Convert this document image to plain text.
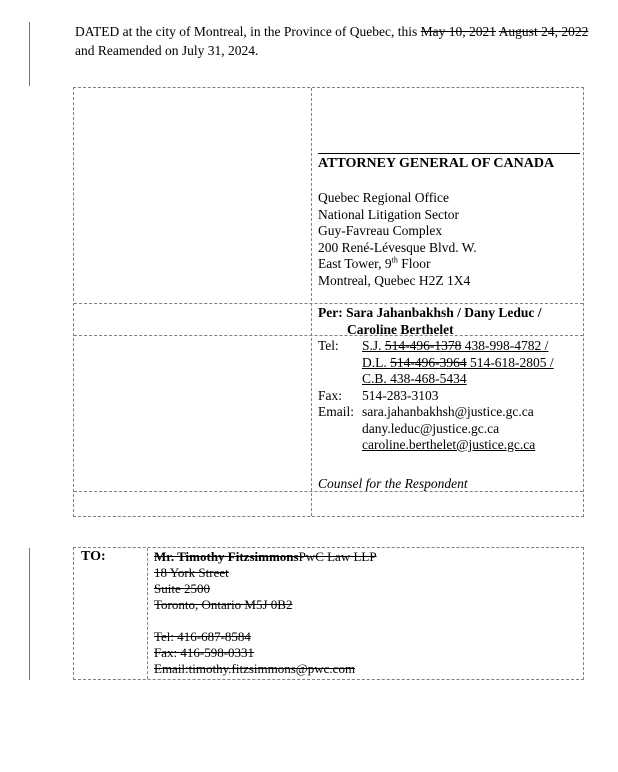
DATED at the city of Montreal, in the Province of Quebec, this May 10, 2021 August 24, 2022 and Reamended on July 31, 2024.
ATTORNEY GENERAL OF CANADA
Quebec Regional Office
National Litigation Sector
Guy-Favreau Complex
200 René-Lévesque Blvd. W.
East Tower, 9th Floor
Montreal, Quebec H2Z 1X4
Per: Sara Jahanbakhsh / Dany Leduc /
Caroline Berthelet
Tel:	S.J. 514-496-1378 438-998-4782 /
D.L. 514-496-3964 514-618-2805 /
C.B. 438-468-5434
Fax:	514-283-3103
Email: sara.jahanbakhsh@justice.gc.ca
dany.leduc@justice.gc.ca
caroline.berthelet@justice.gc.ca
Counsel for the Respondent
TO:	Mr. Timothy FitzsimmonsPwC Law LLP
18 York Street
Suite 2500
Toronto, Ontario M5J 0B2
Tel: 416-687-8584
Fax: 416-598-0331
Email:timothy.fitzsimmons@pwc.com
